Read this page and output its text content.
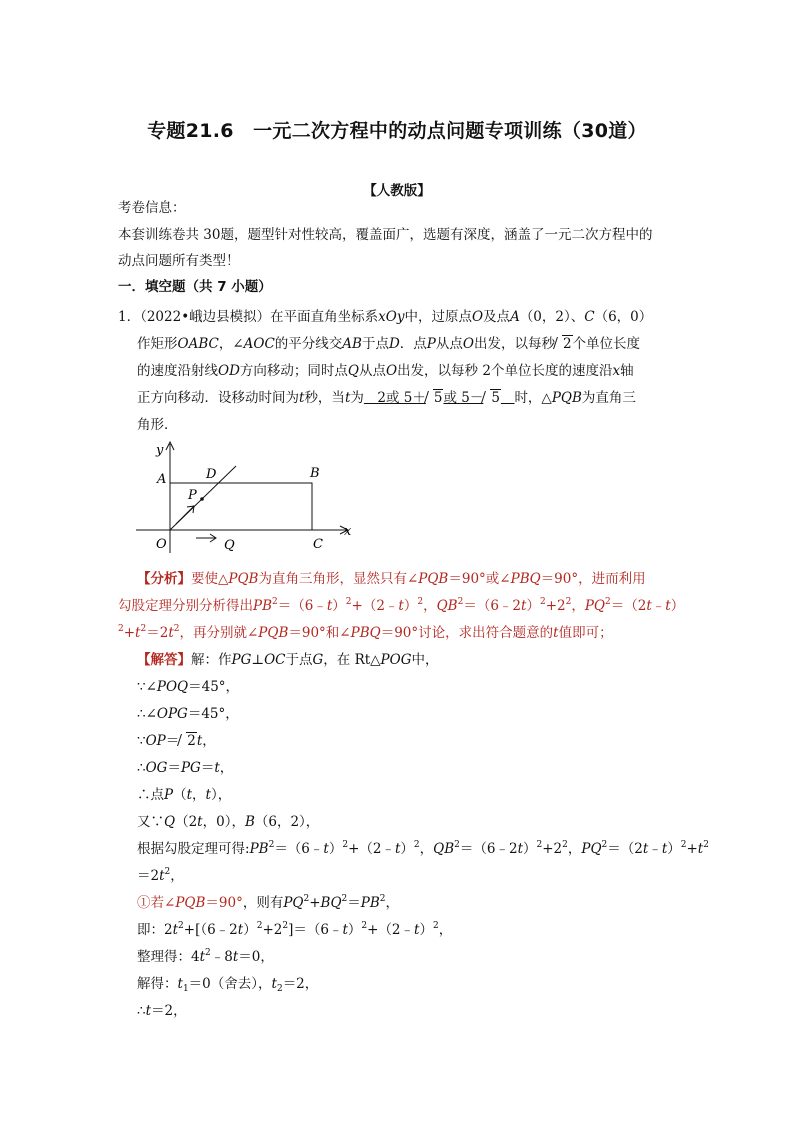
专题21.6　一元二次方程中的动点问题专项训练（30道）
【人教版】
考卷信息：
本套训练卷共 30题，题型针对性较高，覆盖面广，选题有深度，涵盖了一元二次方程中的
动点问题所有类型！
一．填空题（共 7 小题）
1．（2022•峨边县模拟）在平面直角坐标系xOy中，过原点O及点A（0，2）、C（6，0）
作矩形OABC，∠AOC的平分线交AB于点D．点P从点O出发，以每秒 2个单位长度
的速度沿射线OD方向移动；同时点Q从点O出发，以每秒 2个单位长度的速度沿x轴
正方向移动．设移动时间为t秒，当t为　2或 5＋ 5或 5－ 5　 时，△PQB为直角三
角形．
y
x
O
A	D	B
P
Q	C
【分析】要使△PQB为直角三角形，显然只有∠PQB＝90°或∠PBQ＝90°，进而利用
勾股定理分别分析得出$PB^2=(6﹣t)^2+(2﹣t)^2$，$QB^2=(6﹣2t)^2+2^2$，$PQ^2=(2t﹣t)$
$^2+t^2=2t^2$，再分别就∠PQB＝90°和∠PBQ＝90°讨论，求出符合题意的t值即可；
【解答】解：作PG⊥OC于点G，在 Rt△POG中，
∵∠POQ＝45°，
∴∠OPG＝45°，
∵OP＝ 2t，
∴OG＝PG＝t，
∴点P（t，t），
又∵Q（2t，0），B（6，2），
根据勾股定理可得$:PB^2=(6﹣t)^2+(2﹣t)^2$，$QB^2=(6﹣2t)^2+2^2$，$PQ^2=(2t﹣t)^2+t^2$
$=2t^2$，
①若∠PQB＝90°，则有$PQ^2+BQ^2=PB^2$，
即：$2t^2+[(6﹣2t)^2+2^2]=(6﹣t)^2+(2﹣t)^2$，
整理得：$4t^2﹣8t=0$，
解得：$t_1=0$（舍去），$t_2=2$，
∴t＝2，
